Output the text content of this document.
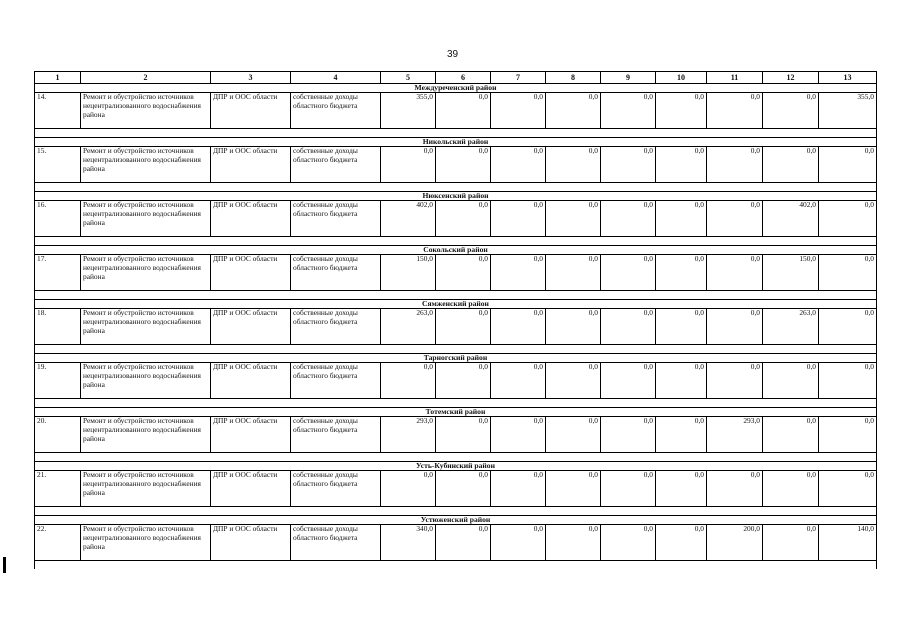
39
1	2	3	4	5	6	7	8	9	10	11	12	13
Междуреченский район												
14.	Ремонт и обустройство источников нецентрализованного водоснабжения района	ДПР и ООС области	собственные доходы областного бюджета	355,0	0,0	0,0	0,0	0,0	0,0	0,0	0,0	355,0

Никольский район												
15.	Ремонт и обустройство источников нецентрализованного водоснабжения района	ДПР и ООС области	собственные доходы областного бюджета	0,0	0,0	0,0	0,0	0,0	0,0	0,0	0,0	0,0

Нюксенский район												
16.	Ремонт и обустройство источников нецентрализованного водоснабжения района	ДПР и ООС области	собственные доходы областного бюджета	402,0	0,0	0,0	0,0	0,0	0,0	0,0	402,0	0,0

Сокольский район												
17.	Ремонт и обустройство источников нецентрализованного водоснабжения района	ДПР и ООС области	собственные доходы областного бюджета	150,0	0,0	0,0	0,0	0,0	0,0	0,0	150,0	0,0

Сямженский район												
18.	Ремонт и обустройство источников нецентрализованного водоснабжения района	ДПР и ООС области	собственные доходы областного бюджета	263,0	0,0	0,0	0,0	0,0	0,0	0,0	263,0	0,0

Тарногский район												
19.	Ремонт и обустройство источников нецентрализованного водоснабжения района	ДПР и ООС области	собственные доходы областного бюджета	0,0	0,0	0,0	0,0	0,0	0,0	0,0	0,0	0,0

Тотемский район												
20.	Ремонт и обустройство источников нецентрализованного водоснабжения района	ДПР и ООС области	собственные доходы областного бюджета	293,0	0,0	0,0	0,0	0,0	0,0	293,0	0,0	0,0

Усть-Кубинский район												
21.	Ремонт и обустройство источников нецентрализованного водоснабжения района	ДПР и ООС области	собственные доходы областного бюджета	0,0	0,0	0,0	0,0	0,0	0,0	0,0	0,0	0,0

Устюженский район												
22.	Ремонт и обустройство источников нецентрализованного водоснабжения района	ДПР и ООС области	собственные доходы областного бюджета	340,0	0,0	0,0	0,0	0,0	0,0	200,0	0,0	140,0
